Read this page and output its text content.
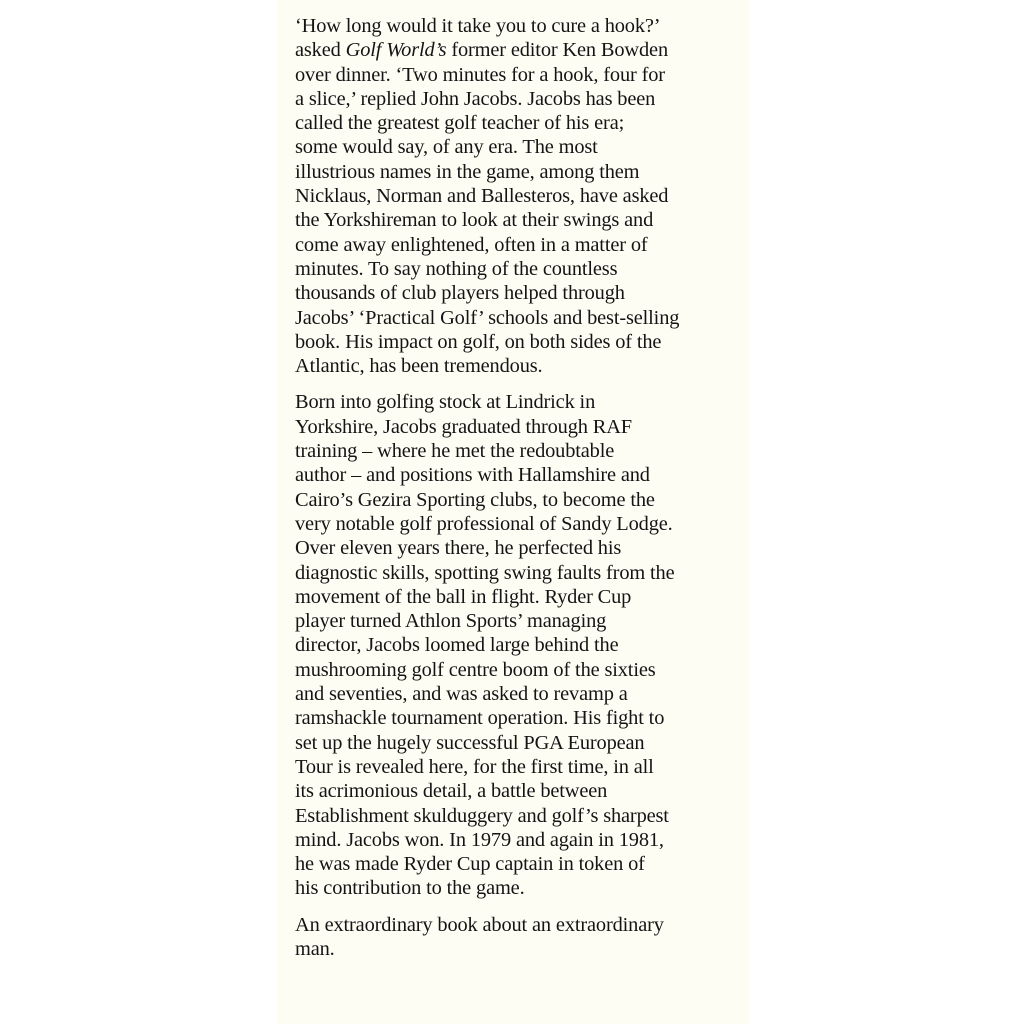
‘How long would it take you to cure a hook?’
asked Golf World’s former editor Ken Bowden
over dinner. ‘Two minutes for a hook, four for
a slice,’ replied John Jacobs. Jacobs has been
called the greatest golf teacher of his era;
some would say, of any era. The most
illustrious names in the game, among them
Nicklaus, Norman and Ballesteros, have asked
the Yorkshireman to look at their swings and
come away enlightened, often in a matter of
minutes. To say nothing of the countless
thousands of club players helped through
Jacobs’ ‘Practical Golf’ schools and best-selling
book. His impact on golf, on both sides of the
Atlantic, has been tremendous.

Born into golfing stock at Lindrick in
Yorkshire, Jacobs graduated through RAF
training – where he met the redoubtable
author – and positions with Hallamshire and
Cairo’s Gezira Sporting clubs, to become the
very notable golf professional of Sandy Lodge.
Over eleven years there, he perfected his
diagnostic skills, spotting swing faults from the
movement of the ball in flight. Ryder Cup
player turned Athlon Sports’ managing
director, Jacobs loomed large behind the
mushrooming golf centre boom of the sixties
and seventies, and was asked to revamp a
ramshackle tournament operation. His fight to
set up the hugely successful PGA European
Tour is revealed here, for the first time, in all
its acrimonious detail, a battle between
Establishment skulduggery and golf’s sharpest
mind. Jacobs won. In 1979 and again in 1981,
he was made Ryder Cup captain in token of
his contribution to the game.

An extraordinary book about an extraordinary
man.
